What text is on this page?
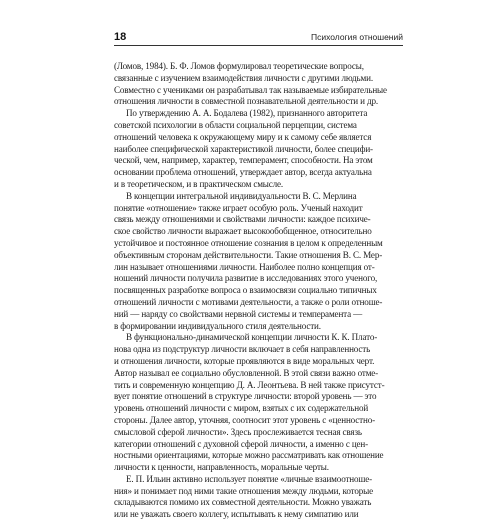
18	Психология отношений
(Ломов, 1984). Б. Ф. Ломов формулировал теоретические вопросы,
связанные с изучением взаимодействия личности с другими людьми.
Совместно с учениками он разрабатывал так называемые избирательные
отношения личности в совместной познавательной деятельности и др.
По утверждению А. А. Бодалева (1982), признанного авторитета
советской психологии в области социальной перцепции, система
отношений человека к окружающему миру и к самому себе является
наиболее специфической характеристикой личности, более специфи-
ческой, чем, например, характер, темперамент, способности. На этом
основании проблема отношений, утверждает автор, всегда актуальна
и в теоретическом, и в практическом смысле.
В концепции интегральной индивидуальности В. С. Мерлина
понятие «отношение» также играет особую роль. Ученый находит
связь между отношениями и свойствами личности: каждое психиче-
ское свойство личности выражает высокообобщенное, относительно
устойчивое и постоянное отношение сознания в целом к определенным
объективным сторонам действительности. Такие отношения В. С. Мер-
лин называет отношениями личности. Наиболее полно концепция от-
ношений личности получила развитие в исследованиях этого ученого,
посвященных разработке вопроса о взаимосвязи социально типичных
отношений личности с мотивами деятельности, а также о роли отноше-
ний — наряду со свойствами нервной системы и темперамента —
в формировании индивидуального стиля деятельности.
В функционально-динамической концепции личности К. К. Плато-
нова одна из подструктур личности включает в себя направленность
и отношения личности, которые проявляются в виде моральных черт.
Автор называл ее социально обусловленной. В этой связи важно отме-
тить и современную концепцию Д. А. Леонтьева. В ней также присутст-
вует понятие отношений в структуре личности: второй уровень — это
уровень отношений личности с миром, взятых с их содержательной
стороны. Далее автор, уточняя, соотносит этот уровень с «ценностно-
смысловой сферой личности». Здесь прослеживается тесная связь
категории отношений с духовной сферой личности, а именно с цен-
ностными ориентациями, которые можно рассматривать как отношение
личности к ценности, направленность, моральные черты.
Е. П. Ильин активно использует понятие «личные взаимоотноше-
ния» и понимает под ними такие отношения между людьми, которые
складываются помимо их совместной деятельности. Можно уважать
или не уважать своего коллегу, испытывать к нему симпатию или
